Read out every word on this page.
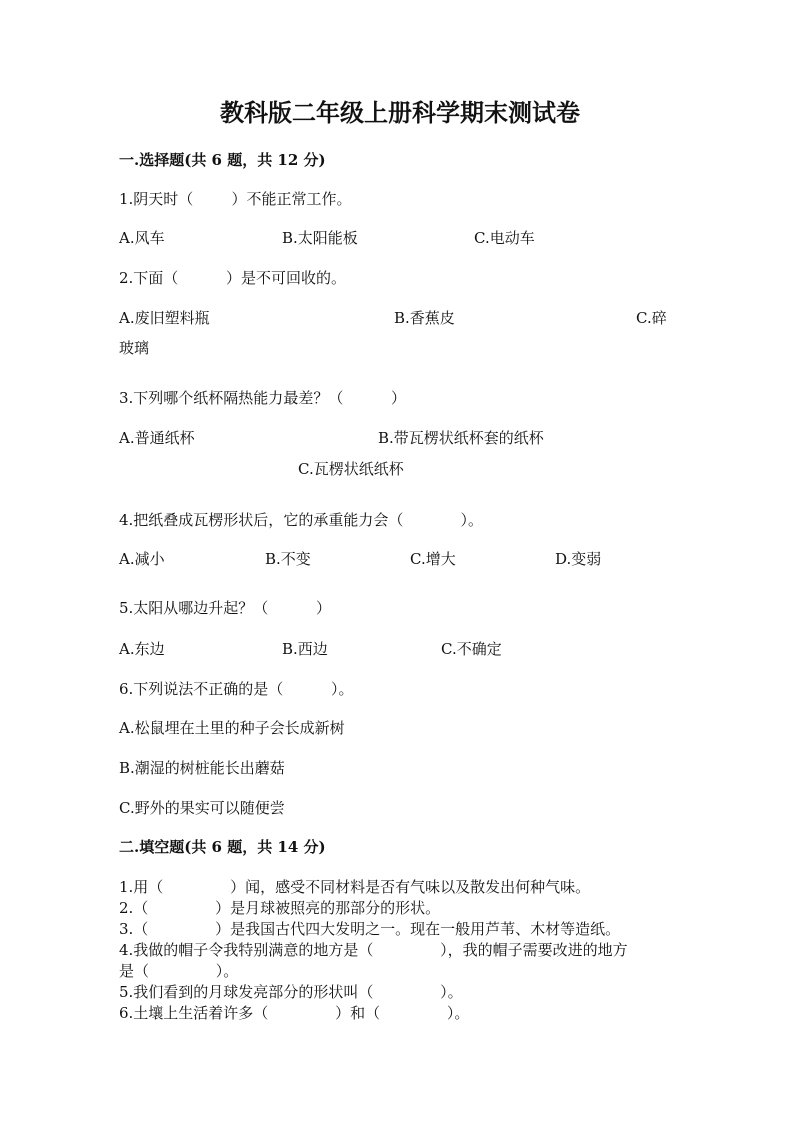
教科版二年级上册科学期末测试卷
一.选择题(共 6 题，共 12 分)
1.阴天时（        ）不能正常工作。
A.风车	B.太阳能板	C.电动车
2.下面（          ）是不可回收的。
A.废旧塑料瓶	B.香蕉皮	C.碎
玻璃
3.下列哪个纸杯隔热能力最差？（          ）
A.普通纸杯	B.带瓦楞状纸杯套的纸杯
C.瓦楞状纸纸杯
4.把纸叠成瓦楞形状后，它的承重能力会（            ）。
A.减小	B.不变	C.增大	D.变弱
5.太阳从哪边升起？（          ）
A.东边	B.西边	C.不确定
6.下列说法不正确的是（          ）。
A.松鼠埋在土里的种子会长成新树
B.潮湿的树桩能长出蘑菇
C.野外的果实可以随便尝
二.填空题(共 6 题，共 14 分)
1.用（              ）闻，感受不同材料是否有气味以及散发出何种气味。
2.（              ）是月球被照亮的那部分的形状。
3.（              ）是我国古代四大发明之一。现在一般用芦苇、木材等造纸。
4.我做的帽子令我特别满意的地方是（              ），我的帽子需要改进的地方
是（              ）。
5.我们看到的月球发亮部分的形状叫（              ）。
6.土壤上生活着许多（              ）和（              ）。
